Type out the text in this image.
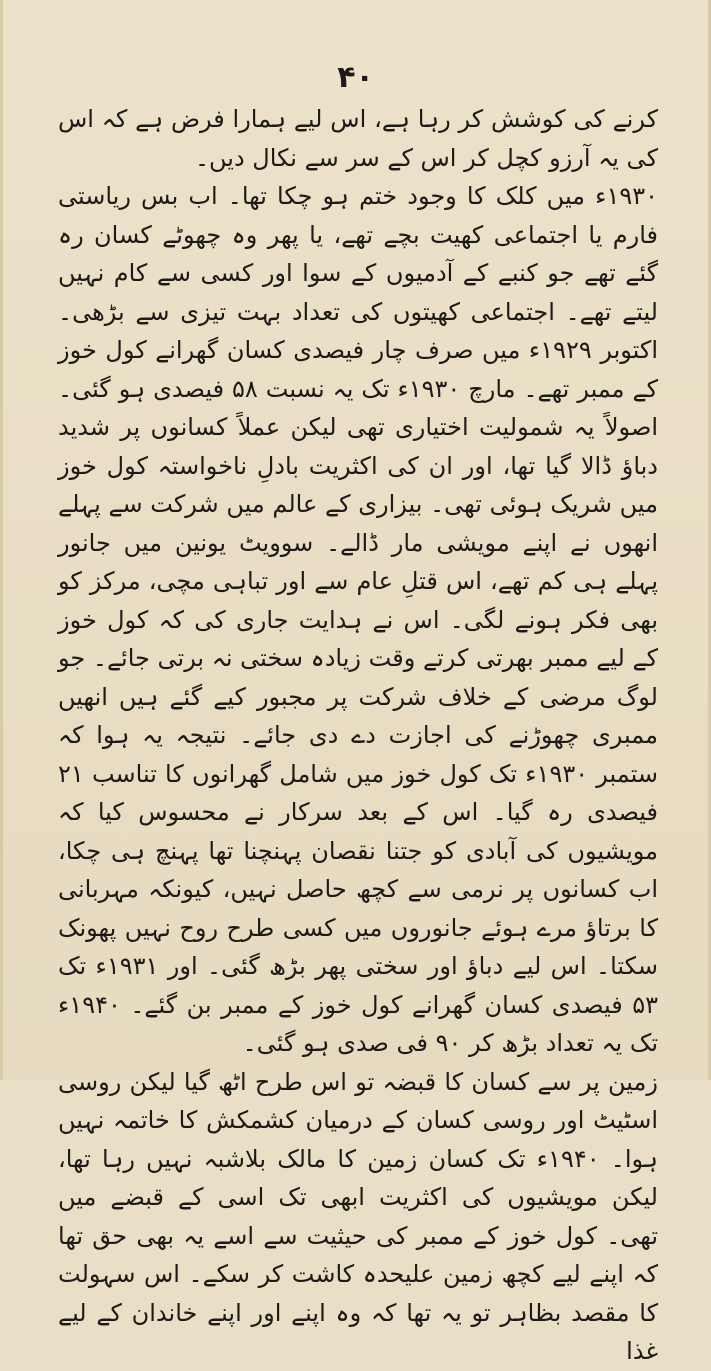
۴۰

کرنے کی کوشش کر رہا ہے، اس لیے ہمارا فرض ہے کہ اس کی یہ آرزو کچل کر اس کے سر سے نکال دیں۔

۱۹۳۰ء میں کلک کا وجود ختم ہو چکا تھا۔ اب بس ریاستی فارم یا اجتماعی کھیت بچے تھے، یا پھر وہ چھوٹے کسان رہ گئے تھے جو کنبے کے آدمیوں کے سوا اور کسی سے کام نہیں لیتے تھے۔ اجتماعی کھیتوں کی تعداد بہت تیزی سے بڑھی۔ اکتوبر ۱۹۲۹ء میں صرف چار فیصدی کسان گھرانے کول خوز کے ممبر تھے۔ مارچ ۱۹۳۰ء تک یہ نسبت ۵۸ فیصدی ہو گئی۔ اصولاً یہ شمولیت اختیاری تھی لیکن عملاً کسانوں پر شدید دباؤ ڈالا گیا تھا، اور ان کی اکثریت بادلِ ناخواستہ کول خوز میں شریک ہوئی تھی۔ بیزاری کے عالم میں شرکت سے پہلے انھوں نے اپنے مویشی مار ڈالے۔ سوویٹ یونین میں جانور پہلے ہی کم تھے، اس قتلِ عام سے اور تباہی مچی، مرکز کو بھی فکر ہونے لگی۔ اس نے ہدایت جاری کی کہ کول خوز کے لیے ممبر بھرتی کرتے وقت زیادہ سختی نہ برتی جائے۔ جو لوگ مرضی کے خلاف شرکت پر مجبور کیے گئے ہیں انھیں ممبری چھوڑنے کی اجازت دے دی جائے۔ نتیجہ یہ ہوا کہ ستمبر ۱۹۳۰ء تک کول خوز میں شامل گھرانوں کا تناسب ۲۱ فیصدی رہ گیا۔ اس کے بعد سرکار نے محسوس کیا کہ مویشیوں کی آبادی کو جتنا نقصان پہنچنا تھا پہنچ ہی چکا، اب کسانوں پر نرمی سے کچھ حاصل نہیں، کیونکہ مہربانی کا برتاؤ مرے ہوئے جانوروں میں کسی طرح روح نہیں پھونک سکتا۔ اس لیے دباؤ اور سختی پھر بڑھ گئی۔ اور ۱۹۳۱ء تک ۵۳ فیصدی کسان گھرانے کول خوز کے ممبر بن گئے۔ ۱۹۴۰ء تک یہ تعداد بڑھ کر ۹۰ فی صدی ہو گئی۔

زمین پر سے کسان کا قبضہ تو اس طرح اٹھ گیا لیکن روسی اسٹیٹ اور روسی کسان کے درمیان کشمکش کا خاتمہ نہیں ہوا۔ ۱۹۴۰ء تک کسان زمین کا مالک بلاشبہ نہیں رہا تھا، لیکن مویشیوں کی اکثریت ابھی تک اسی کے قبضے میں تھی۔ کول خوز کے ممبر کی حیثیت سے اسے یہ بھی حق تھا کہ اپنے لیے کچھ زمین علیحدہ کاشت کر سکے۔ اس سہولت کا مقصد بظاہر تو یہ تھا کہ وہ اپنے اور اپنے خاندان کے لیے غذا
